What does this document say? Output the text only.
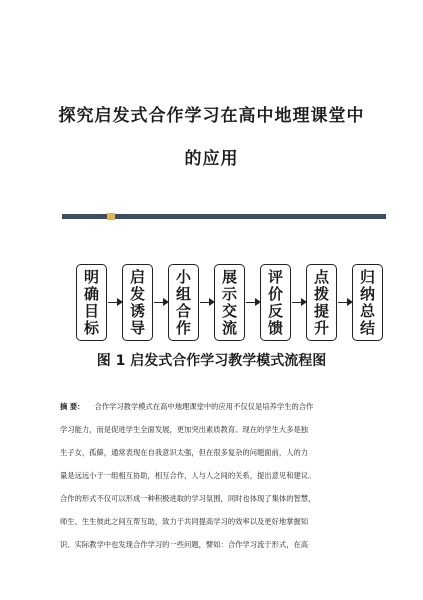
探究启发式合作学习在高中地理课堂中
的应用
明
确
目
标
启
发
诱
导
小
组
合
作
展
示
交
流
评
价
反
馈
点
拨
提
升
归
纳
总
结
图 1 启发式合作学习教学模式流程图
摘 要： 合作学习教学模式在高中地理课堂中的应用不仅仅是培养学生的合作
学习能力，而是促进学生全面发展，更加突出素质教育。现在的学生大多是独
生子女，孤僻，通常表现在自我意识太强，但在很多复杂的问题面前，人的力
量是远远小于一组相互协助，相互合作，人与人之间的关系，提出意见和建议。
合作的形式不仅可以形成一种积极进取的学习氛围，同时也体现了集体的智慧，
师生、生生彼此之间互帮互助，致力于共同提高学习的效率以及更好地掌握知
识、实际教学中也发现合作学习的一些问题，譬如：合作学习流于形式，在高
